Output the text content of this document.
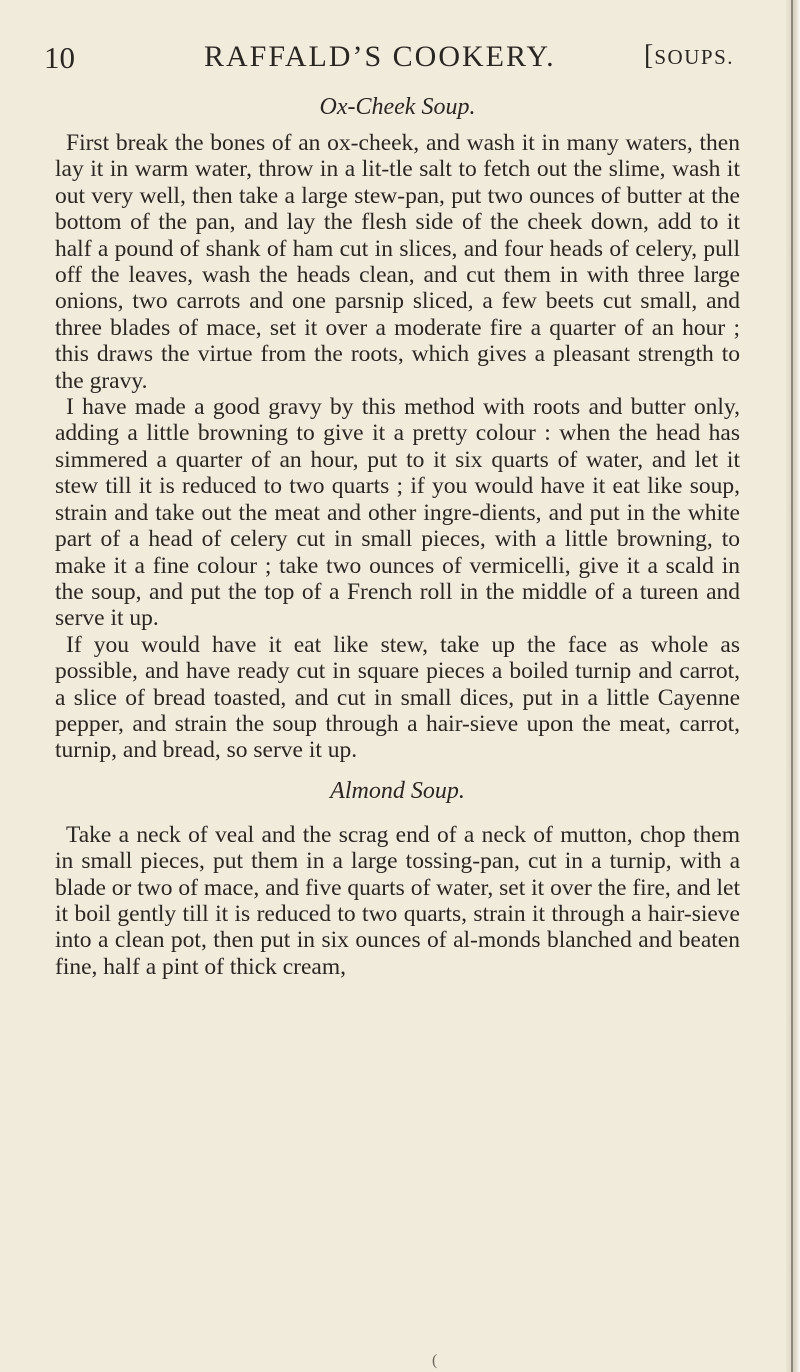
10	RAFFALD’S COOKERY.	[SOUPS.

Ox-Cheek Soup.

First break the bones of an ox-cheek, and wash it in many waters, then lay it in warm water, throw in a lit-tle salt to fetch out the slime, wash it out very well, then take a large stew-pan, put two ounces of butter at the bottom of the pan, and lay the flesh side of the cheek down, add to it half a pound of shank of ham cut in slices, and four heads of celery, pull off the leaves, wash the heads clean, and cut them in with three large onions, two carrots and one parsnip sliced, a few beets cut small, and three blades of mace, set it over a moderate fire a quarter of an hour ; this draws the virtue from the roots, which gives a pleasant strength to the gravy.

I have made a good gravy by this method with roots and butter only, adding a little browning to give it a pretty colour : when the head has simmered a quarter of an hour, put to it six quarts of water, and let it stew till it is reduced to two quarts ; if you would have it eat like soup, strain and take out the meat and other ingre-dients, and put in the white part of a head of celery cut in small pieces, with a little browning, to make it a fine colour ; take two ounces of vermicelli, give it a scald in the soup, and put the top of a French roll in the middle of a tureen and serve it up.

If you would have it eat like stew, take up the face as whole as possible, and have ready cut in square pieces a boiled turnip and carrot, a slice of bread toasted, and cut in small dices, put in a little Cayenne pepper, and strain the soup through a hair-sieve upon the meat, carrot, turnip, and bread, so serve it up.

Almond Soup.

Take a neck of veal and the scrag end of a neck of mutton, chop them in small pieces, put them in a large tossing-pan, cut in a turnip, with a blade or two of mace, and five quarts of water, set it over the fire, and let it boil gently till it is reduced to two quarts, strain it through a hair-sieve into a clean pot, then put in six ounces of al-monds blanched and beaten fine, half a pint of thick cream,

(
